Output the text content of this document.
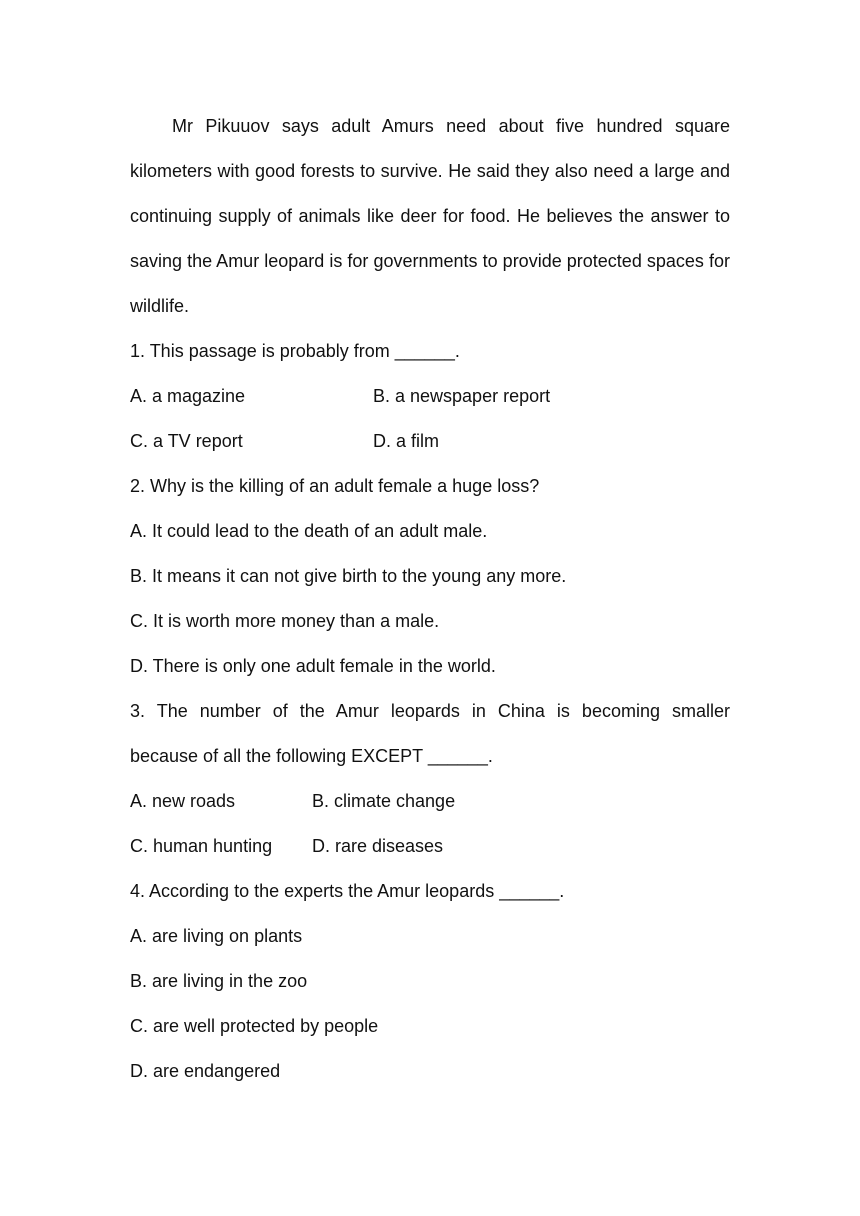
Mr Pikuuov says adult Amurs need about five hundred square kilometers with good forests to survive. He said they also need a large and continuing supply of animals like deer for food. He believes the answer to saving the Amur leopard is for governments to provide protected spaces for wildlife.

1. This passage is probably from ______.

A. a magazine	B. a newspaper report
C. a TV report	D. a film

2. Why is the killing of an adult female a huge loss?

A. It could lead to the death of an adult male.

B. It means it can not give birth to the young any more.

C. It is worth more money than a male.

D. There is only one adult female in the world.

3. The number of the Amur leopards in China is becoming smaller

because of all the following EXCEPT ______.

A. new roads	B. climate change
C. human hunting	D. rare diseases

4. According to the experts the Amur leopards ______.

A. are living on plants

B. are living in the zoo

C. are well protected by people

D. are endangered
